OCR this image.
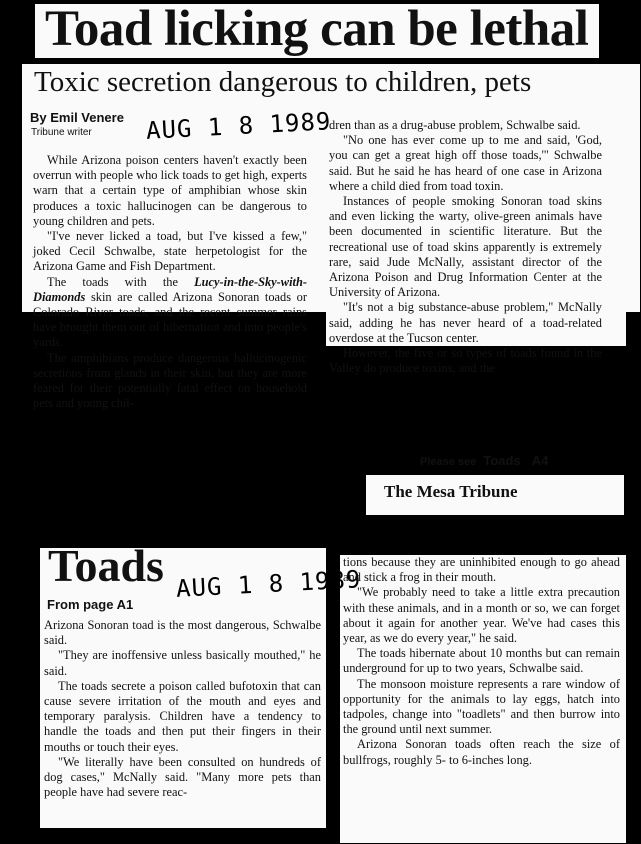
Toad licking can be lethal
Toxic secretion dangerous to children, pets
By Emil Venere
Tribune writer AUG 1 8 1989

While Arizona poison centers haven't exactly been overrun with people who lick toads to get high, experts warn that a certain type of amphibian whose skin produces a toxic hallucinogen can be dangerous to young children and pets.

"I've never licked a toad, but I've kissed a few," joked Cecil Schwalbe, state herpetologist for the Arizona Game and Fish Department.

The toads with the Lucy-in-the-Sky-with-Diamonds skin are called Arizona Sonoran toads or Colorado River toads, and the recent summer rains have brought them out of hibernation and into people's yards.

The amphibians produce dangerous hallucinogenic secretions from glands in their skin, but they are more feared for their potentially fatal effect on household pets and young chil-

dren than as a drug-abuse problem, Schwalbe said.

"No one has ever come up to me and said, 'God, you can get a great high off those toads,'" Schwalbe said. But he said he has heard of one case in Arizona where a child died from toad toxin.

Instances of people smoking Sonoran toad skins and even licking the warty, olive-green animals have been documented in scientific literature. But the recreational use of toad skins apparently is extremely rare, said Jude McNally, assistant director of the Arizona Poison and Drug Information Center at the University of Arizona.

"It's not a big substance-abuse problem," McNally said, adding he has never heard of a toad-related overdose at the Tucson center.

However, the five or so types of toads found in the Valley do produce toxins, and the

Please see Toads A4
The Mesa Tribune
Toads
From page A1
AUG 1 8 1989

Arizona Sonoran toad is the most dangerous, Schwalbe said.

"They are inoffensive unless basically mouthed," he said.

The toads secrete a poison called bufotoxin that can cause severe irritation of the mouth and eyes and temporary paralysis. Children have a tendency to handle the toads and then put their fingers in their mouths or touch their eyes.

"We literally have been consulted on hundreds of dog cases," McNally said. "Many more pets than people have had severe reac-

tions because they are uninhibited enough to go ahead and stick a frog in their mouth.

"We probably need to take a little extra precaution with these animals, and in a month or so, we can forget about it again for another year. We've had cases this year, as we do every year," he said.

The toads hibernate about 10 months but can remain underground for up to two years, Schwalbe said.

The monsoon moisture represents a rare window of opportunity for the animals to lay eggs, hatch into tadpoles, change into "toadlets" and then burrow into the ground until next summer.

Arizona Sonoran toads often reach the size of bullfrogs, roughly 5- to 6-inches long.
